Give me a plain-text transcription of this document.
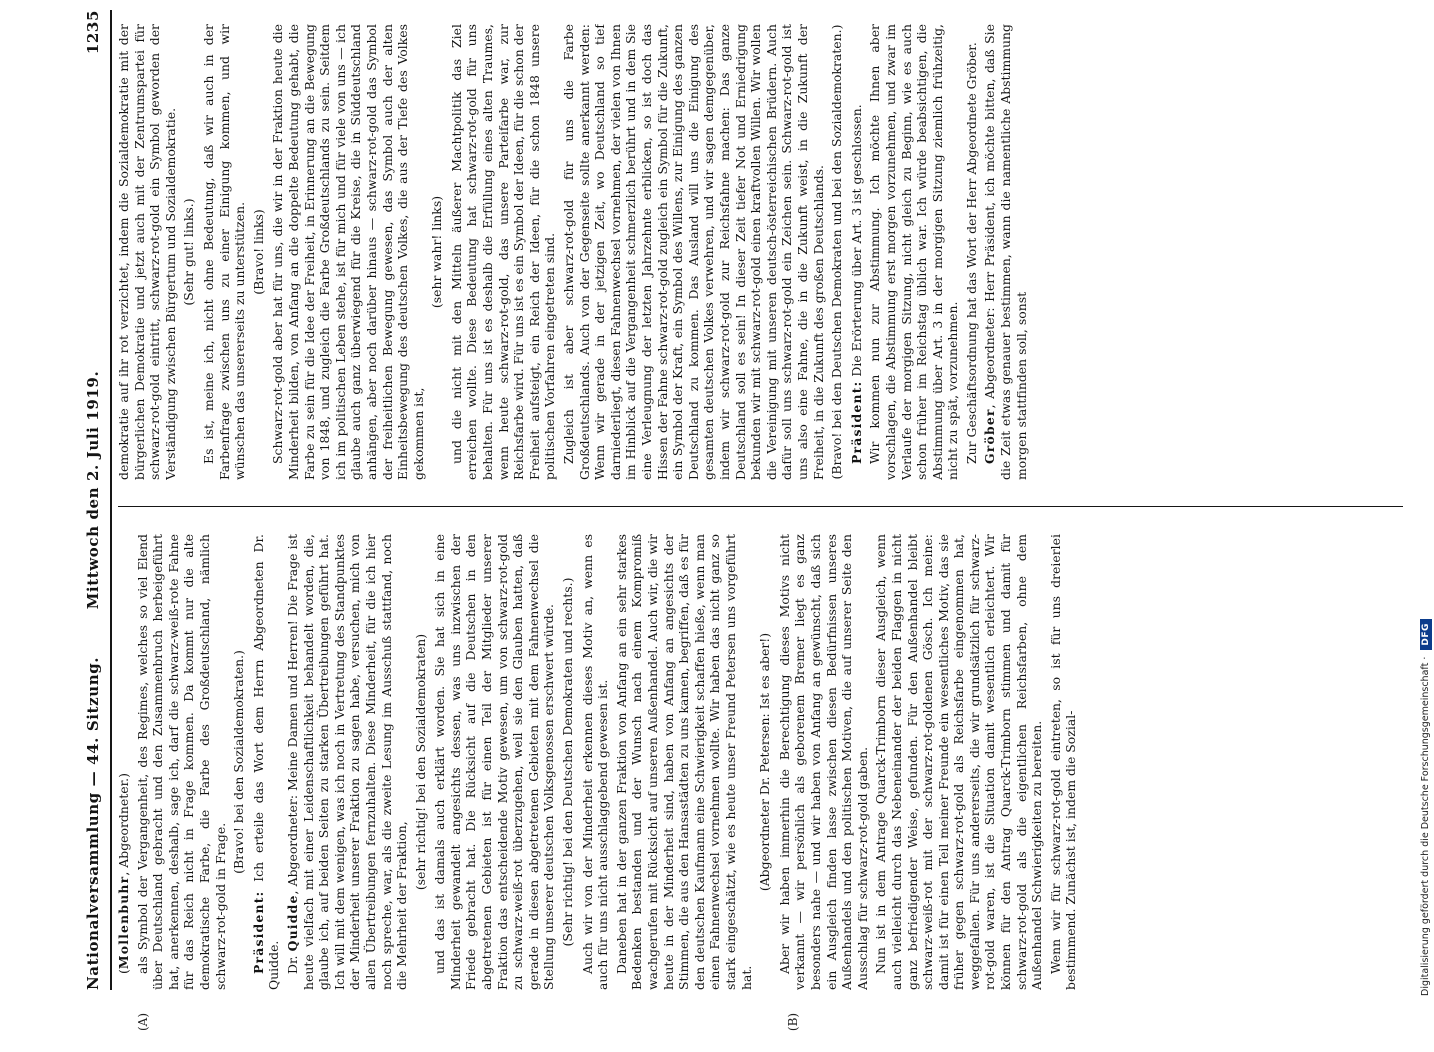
Nationalversammlung — 44. Sitzung.
Mittwoch den 2. Juli 1919.
1235
(A)	(B)

(Mollenbuhr, Abgeordneter.) als Symbol der Vergangenheit, des Regimes, welches so viel Elend über Deutschland gebracht und den Zusammenbruch herbeigeführt hat, anerkennen, deshalb, sage ich, darf die schwarz-weiß-rote Fahne für das Reich nicht in Frage kommen. Da kommt nur die alte demokratische Farbe, die Farbe des Großdeutschland, nämlich schwarz-rot-gold in Frage.

(Bravo! bei den Sozialdemokraten.)

Präsident: Ich erteile das Wort dem Herrn Abgeordneten Dr. Quidde. Dr. Quidde, Abgeordneter: Meine Damen und Herren! Die Frage ist heute vielfach mit einer Leidenschaftlichkeit behandelt worden, die, glaube ich, auf beiden Seiten zu starken Übertreibungen geführt hat. Ich will mit dem wenigen, was ich noch in Vertretung des Standpunktes der Minderheit unserer Fraktion zu sagen habe, versuchen, mich von allen Übertreibungen fernzuhalten. Diese Minderheit, für die ich hier noch spreche, war, als die zweite Lesung im Ausschuß stattfand, noch die Mehrheit der Fraktion,

(sehr richtig! bei den Sozialdemokraten) und das ist damals auch erklärt worden. Sie hat sich in eine Minderheit gewandelt angesichts dessen, was uns inzwischen der Friede gebracht hat. Die Rücksicht auf die Deutschen in den abgetretenen Gebieten ist für einen Teil der Mitglieder unserer Fraktion das entscheidende Motiv gewesen, um von schwarz-rot-gold zu schwarz-weiß-rot überzugehen, weil sie den Glauben hatten, daß gerade in diesen abgetretenen Gebieten mit dem Fahnenwechsel die Stellung unserer deutschen Volksgenossen erschwert würde. (Sehr richtig! bei den Deutschen Demokraten und rechts.) Auch wir von der Minderheit erkennen dieses Motiv an, wenn es auch für uns nicht ausschlaggebend gewesen ist. Daneben hat in der ganzen Fraktion von Anfang an ein sehr starkes Bedenken bestanden und der Wunsch nach einem Kompromiß wachgerufen mit Rücksicht auf unseren Außenhandel. Auch wir, die wir heute in der Minderheit sind, haben von Anfang an angesichts der Stimmen, die aus den Hansastädten zu uns kamen, begriffen, daß es für den deutschen Kaufmann eine Schwierigkeit schaffen hieße, wenn man einen Fahnenwechsel vornehmen wollte. Wir haben das nicht ganz so stark eingeschätzt, wie es heute unser Freund Petersen uns vorgeführt hat.

(Abgeordneter Dr. Petersen: Ist es aber!) Aber wir haben immerhin die Berechtigung dieses Motivs nicht verkannt — wir persönlich als geborenem Bremer liegt es ganz besonders nahe — und wir haben von Anfang an gewünscht, daß sich ein Ausgleich finden lasse zwischen diesen Bedürfnissen unseres Außenhandels und den politischen Motiven, die auf unserer Seite den Ausschlag für schwarz-rot-gold gaben. Nun ist in dem Antrage Quarck-Trimborn dieser Ausgleich, wenn auch vielleicht durch das Nebeneinander der beiden Flaggen in nicht ganz befriedigender Weise, gefunden. Für den Außenhandel bleibt schwarz-weiß-rot mit der schwarz-rot-goldenen Gösch. Ich meine: damit ist für einen Teil meiner Freunde ein wesentliches Motiv, das sie früher gegen schwarz-rot-gold als Reichsfarbe eingenommen hat, weggefallen. Für uns andererseits, die wir grundsätzlich für schwarz-rot-gold waren, ist die Situation damit wesentlich erleichtert. Wir können für den Antrag Quarck-Trimborn stimmen und damit für schwarz-rot-gold als die eigentlichen Reichsfarben, ohne dem Außenhandel Schwierigkeiten zu bereiten. Wenn wir für schwarz-rot-gold eintreten, so ist für uns dreierlei bestimmend. Zunächst ist, indem die Sozial-

demokratie auf ihr rot verzichtet, indem die Sozialdemokratie mit der bürgerlichen Demokratie und jetzt auch mit der Zentrumspartei für schwarz-rot-gold eintritt, schwarz-rot-gold ein Symbol geworden der Verständigung zwischen Bürgertum und Sozialdemokratie. (Sehr gut! links.) Es ist, meine ich, nicht ohne Bedeutung, daß wir auch in der Farbenfrage zwischen uns zu einer Einigung kommen, und wir wünschen das unsererseits zu unterstützen. (Bravo! links) Schwarz-rot-gold aber hat für uns, die wir in der Fraktion heute die Minderheit bilden, von Anfang an die doppelte Bedeutung gehabt, die Farbe zu sein für die Idee der Freiheit, in Erinnerung an die Bewegung von 1848, und zugleich die Farbe Großdeutschlands zu sein. Seitdem ich im politischen Leben stehe, ist für mich und für viele von uns — ich glaube auch ganz überwiegend für die Kreise, die in Süddeutschland anhängen, aber noch darüber hinaus — schwarz-rot-gold das Symbol der freiheitlichen Bewegung gewesen, das Symbol auch der alten Einheitsbewegung des deutschen Volkes, die aus der Tiefe des Volkes gekommen ist,

(sehr wahr! links) und die nicht mit den Mitteln äußerer Machtpolitik das Ziel erreichen wollte. Diese Bedeutung hat schwarz-rot-gold für uns behalten. Für uns ist es deshalb die Erfüllung eines alten Traumes, wenn heute schwarz-rot-gold, das unsere Parteifarbe war, zur Reichsfarbe wird. Für uns ist es ein Symbol der Ideen, für die schon der Freiheit aufsteigt, ein Reich der Ideen, für die schon 1848 unsere politischen Vorfahren eingetreten sind. Zugleich ist aber schwarz-rot-gold für uns die Farbe Großdeutschlands. Auch von der Gegenseite sollte anerkannt werden: Wenn wir gerade in der jetzigen Zeit, wo Deutschland so tief darniederliegt, diesen Fahnenwechsel vornehmen, der vielen von Ihnen im Hinblick auf die Vergangenheit schmerzlich berührt und in dem Sie eine Verleugnung der letzten Jahrzehnte erblicken, so ist doch das Hissen der Fahne schwarz-rot-gold zugleich ein Symbol für die Zukunft, ein Symbol der Kraft, ein Symbol des Willens, zur Einigung des ganzen Deutschland zu kommen. Das Ausland will uns die Einigung des gesamten deutschen Volkes verwehren, und wir sagen demgegenüber, indem wir schwarz-rot-gold zur Reichsfahne machen: Das ganze Deutschland soll es sein! In dieser Zeit tiefer Not und Erniedrigung bekunden wir mit schwarz-rot-gold einen kraftvollen Willen. Wir wollen die Vereinigung mit unseren deutsch-österreichischen Brüdern. Auch dafür soll uns schwarz-rot-gold ein Zeichen sein. Schwarz-rot-gold ist uns also eine Fahne, die in die Zukunft weist, in die Zukunft der Freiheit, in die Zukunft des großen Deutschlands. (Bravo! bei den Deutschen Demokraten und bei den Sozialdemokraten.) Präsident: Die Erörterung über Art. 3 ist geschlossen. Wir kommen nun zur Abstimmung. Ich möchte Ihnen aber vorschlagen, die Abstimmung erst morgen vorzunehmen, und zwar im Verlaufe der morgigen Sitzung, nicht gleich zu Beginn, wie es auch schon früher im Reichstag üblich war. Ich würde beabsichtigen, die Abstimmung über Art. 3 in der morgigen Sitzung ziemlich frühzeitig, nicht zu spät, vorzunehmen. Zur Geschäftsordnung hat das Wort der Herr Abgeordnete Gröber. Gröber, Abgeordneter: Herr Präsident, ich möchte bitten, daß Sie die Zeit etwas genauer bestimmen, wann die namentliche Abstimmung morgen stattfinden soll, sonst

Digitalisierung gefördert durch die Deutsche Forschungsgemeinschaft · DFG
